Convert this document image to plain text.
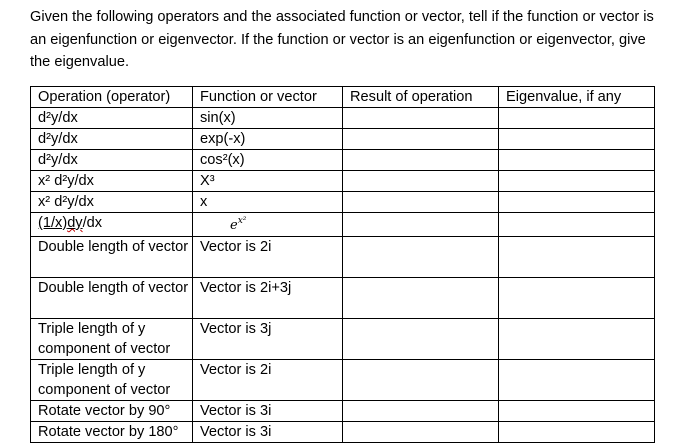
Given the following operators and the associated function or vector, tell if the function or vector is an eigenfunction or eigenvector. If the function or vector is an eigenfunction or eigenvector, give the eigenvalue.

Operation (operator)	Function or vector	Result of operation	Eigenvalue, if any
d²y/dx	sin(x)		
d²y/dx	exp(-x)		
d²y/dx	cos²(x)		
x² d²y/dx	X³		
x² d²y/dx	x		
(1/x)dy/dx	$e^{x^2}$		
Double length of vector	Vector is 2i		
Double length of vector	Vector is 2i+3j		
Triple length of y component of vector	Vector is 3j		
Triple length of y component of vector	Vector is 2i		
Rotate vector by 90°	Vector is 3i		
Rotate vector by 180°	Vector is 3i		
